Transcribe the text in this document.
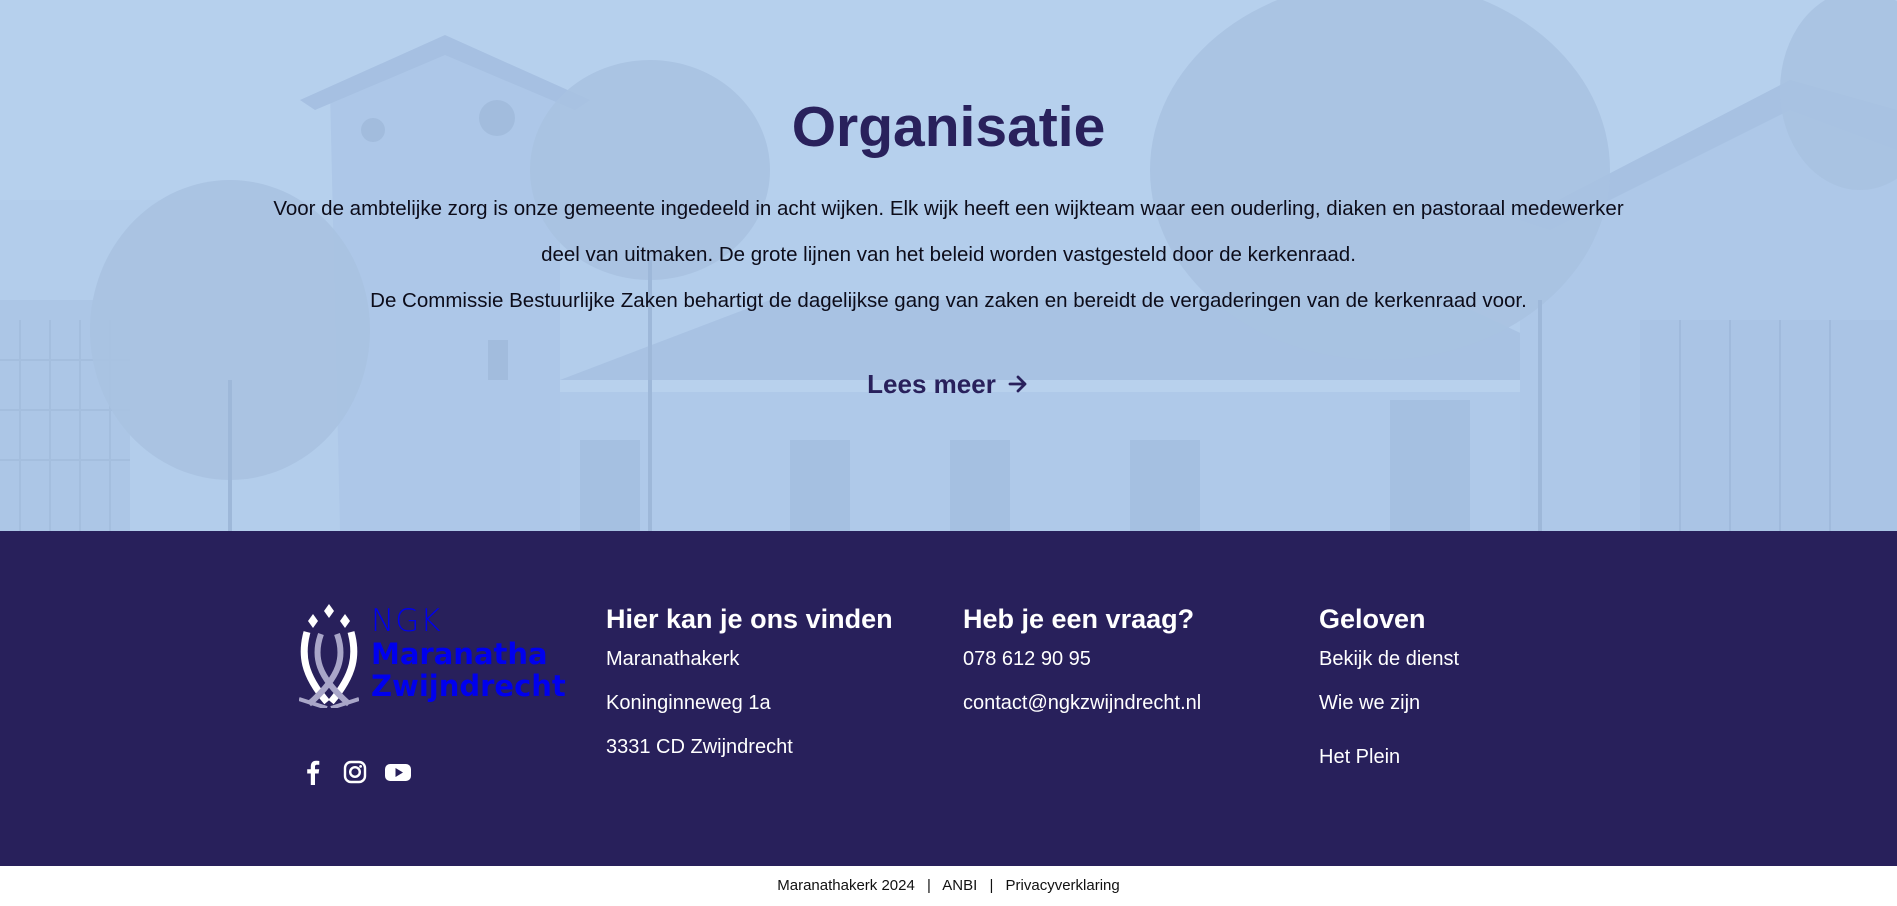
Organisatie

Voor de ambtelijke zorg is onze gemeente ingedeeld in acht wijken. Elk wijk heeft een wijkteam waar een ouderling, diaken en pastoraal medewerker

deel van uitmaken. De grote lijnen van het beleid worden vastgesteld door de kerkenraad.

De Commissie Bestuurlijke Zaken behartigt de dagelijkse gang van zaken en bereidt de vergaderingen van de kerkenraad voor.

Lees meer
NGK
Maranatha
Zwijndrecht
Hier kan je ons vinden
Maranathakerk
Koninginneweg 1a
3331 CD Zwijndrecht
Heb je een vraag?
078 612 90 95
contact@ngkzwijndrecht.nl
Geloven
Bekijk de dienst
Wie we zijn
Het Plein
Maranathakerk 2024 | ANBI | Privacyverklaring
